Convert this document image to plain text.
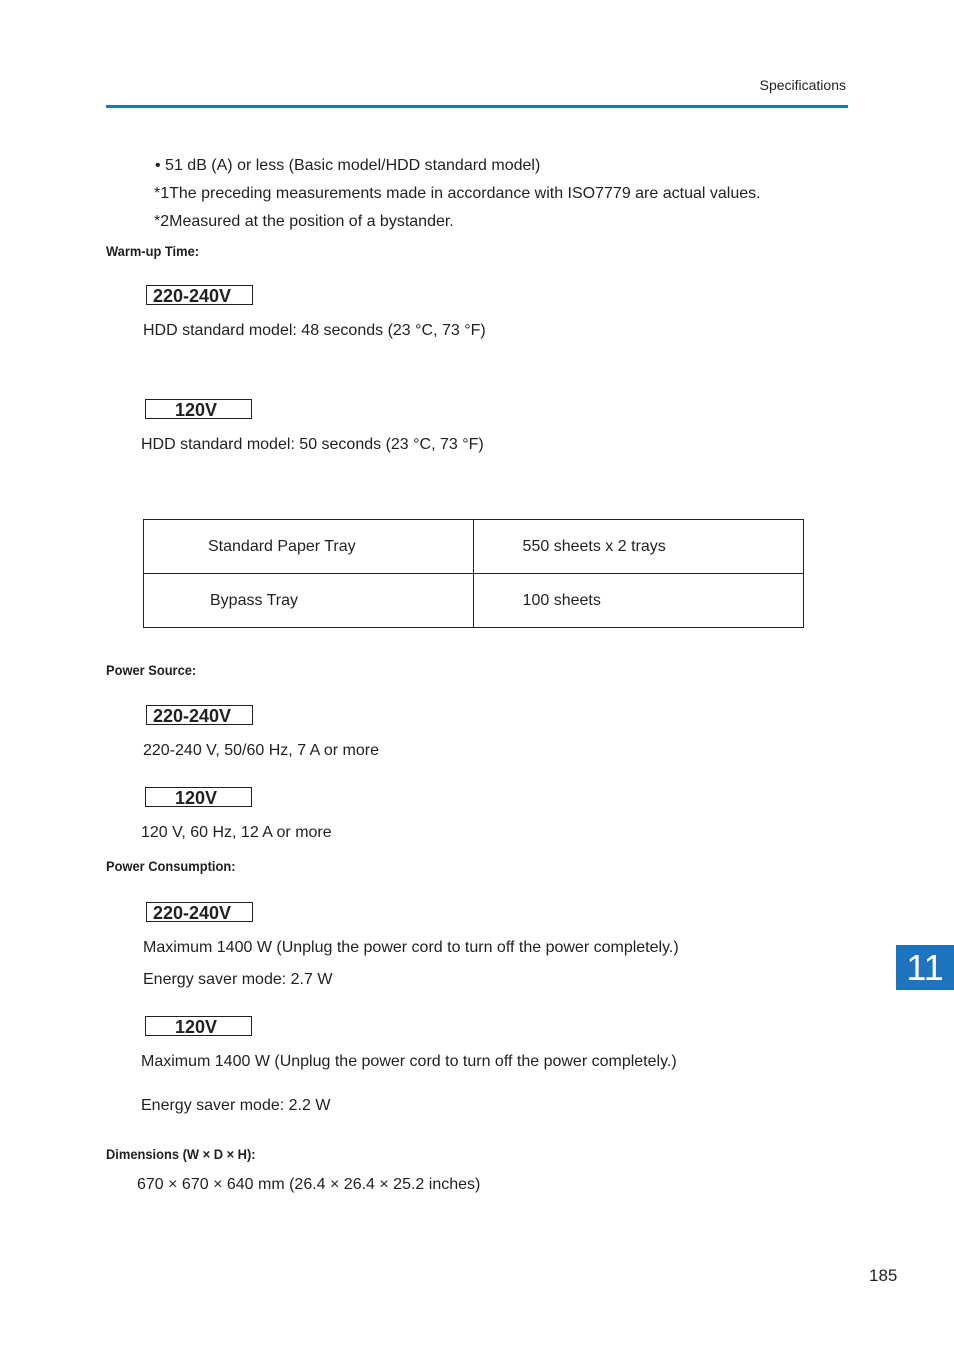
Specifications
• 51 dB (A) or less (Basic model/HDD standard model)
*1The preceding measurements made in accordance with ISO7779 are actual values.
*2Measured at the position of a bystander.
Warm-up Time:
220-240V
HDD standard model: 48 seconds (23 °C, 73 °F)
120V
HDD standard model: 50 seconds (23 °C, 73 °F)
Standard Paper Tray	550 sheets x 2 trays
Bypass Tray	100 sheets
Power Source:
220-240V
220-240 V, 50/60 Hz, 7 A or more
120V
120 V, 60 Hz, 12 A or more
Power Consumption:
220-240V
Maximum 1400 W (Unplug the power cord to turn off the power completely.)
Energy saver mode: 2.7 W
120V
Maximum 1400 W (Unplug the power cord to turn off the power completely.)
Energy saver mode: 2.2 W
Dimensions (W × D × H):
670 × 670 × 640 mm (26.4 × 26.4 × 25.2 inches)
11
185
